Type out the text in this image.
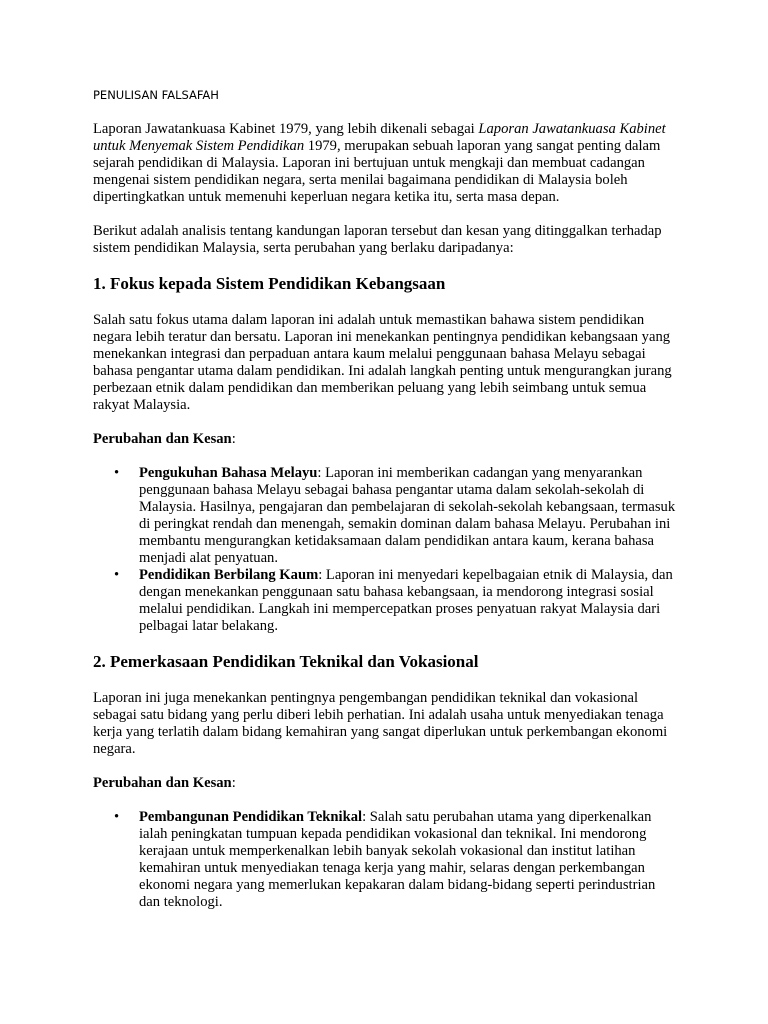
PENULISAN FALSAFAH

Laporan Jawatankuasa Kabinet 1979, yang lebih dikenali sebagai Laporan Jawatankuasa Kabinet untuk Menyemak Sistem Pendidikan 1979, merupakan sebuah laporan yang sangat penting dalam sejarah pendidikan di Malaysia. Laporan ini bertujuan untuk mengkaji dan membuat cadangan mengenai sistem pendidikan negara, serta menilai bagaimana pendidikan di Malaysia boleh dipertingkatkan untuk memenuhi keperluan negara ketika itu, serta masa depan.

Berikut adalah analisis tentang kandungan laporan tersebut dan kesan yang ditinggalkan terhadap sistem pendidikan Malaysia, serta perubahan yang berlaku daripadanya:

1. Fokus kepada Sistem Pendidikan Kebangsaan

Salah satu fokus utama dalam laporan ini adalah untuk memastikan bahawa sistem pendidikan negara lebih teratur dan bersatu. Laporan ini menekankan pentingnya pendidikan kebangsaan yang menekankan integrasi dan perpaduan antara kaum melalui penggunaan bahasa Melayu sebagai bahasa pengantar utama dalam pendidikan. Ini adalah langkah penting untuk mengurangkan jurang perbezaan etnik dalam pendidikan dan memberikan peluang yang lebih seimbang untuk semua rakyat Malaysia.

Perubahan dan Kesan:

• Pengukuhan Bahasa Melayu: Laporan ini memberikan cadangan yang menyarankan penggunaan bahasa Melayu sebagai bahasa pengantar utama dalam sekolah-sekolah di Malaysia. Hasilnya, pengajaran dan pembelajaran di sekolah-sekolah kebangsaan, termasuk di peringkat rendah dan menengah, semakin dominan dalam bahasa Melayu. Perubahan ini membantu mengurangkan ketidaksamaan dalam pendidikan antara kaum, kerana bahasa menjadi alat penyatuan.
• Pendidikan Berbilang Kaum: Laporan ini menyedari kepelbagaian etnik di Malaysia, dan dengan menekankan penggunaan satu bahasa kebangsaan, ia mendorong integrasi sosial melalui pendidikan. Langkah ini mempercepatkan proses penyatuan rakyat Malaysia dari pelbagai latar belakang.
2. Pemerkasaan Pendidikan Teknikal dan Vokasional

Laporan ini juga menekankan pentingnya pengembangan pendidikan teknikal dan vokasional sebagai satu bidang yang perlu diberi lebih perhatian. Ini adalah usaha untuk menyediakan tenaga kerja yang terlatih dalam bidang kemahiran yang sangat diperlukan untuk perkembangan ekonomi negara.

Perubahan dan Kesan:

• Pembangunan Pendidikan Teknikal: Salah satu perubahan utama yang diperkenalkan ialah peningkatan tumpuan kepada pendidikan vokasional dan teknikal. Ini mendorong kerajaan untuk memperkenalkan lebih banyak sekolah vokasional dan institut latihan kemahiran untuk menyediakan tenaga kerja yang mahir, selaras dengan perkembangan ekonomi negara yang memerlukan kepakaran dalam bidang-bidang seperti perindustrian dan teknologi.
